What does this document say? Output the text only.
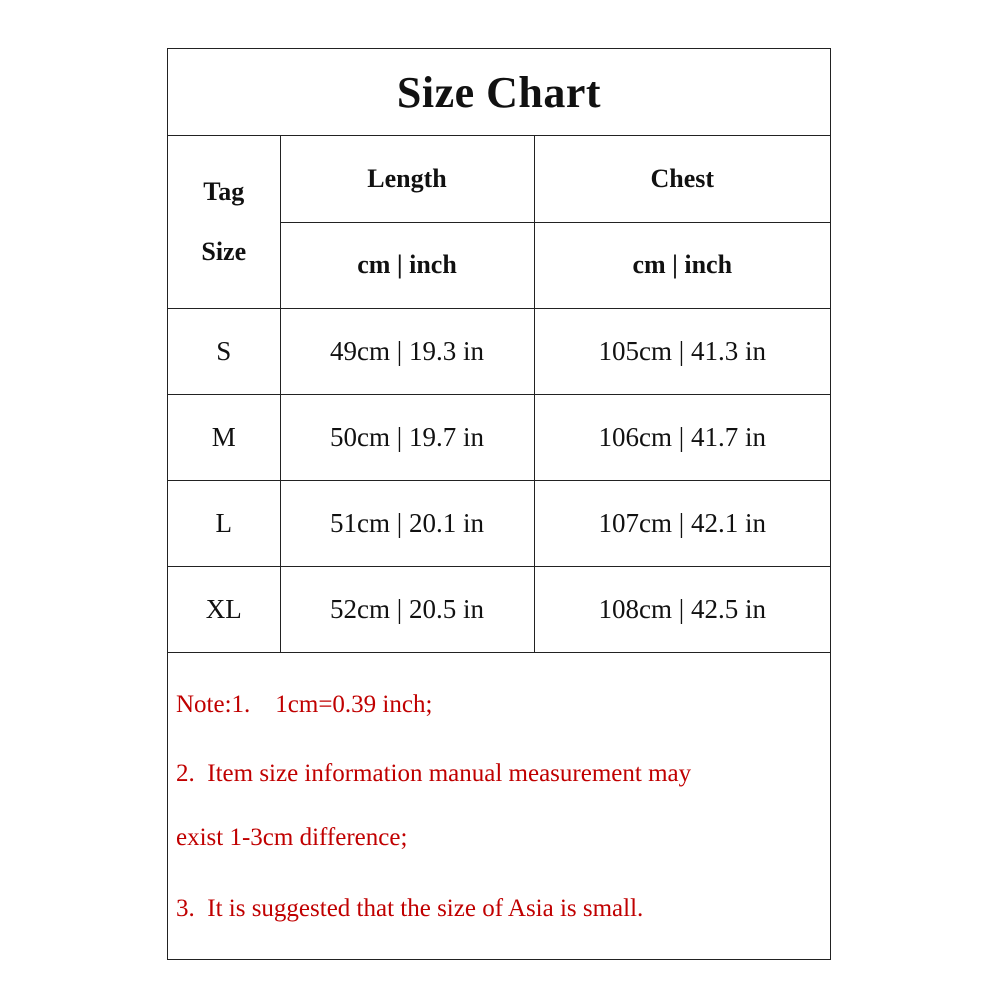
Size Chart
Tag
Size	Length	Chest
	cm | inch	cm | inch
S	49cm | 19.3 in	105cm | 41.3 in
M	50cm | 19.7 in	106cm | 41.7 in
L	51cm | 20.1 in	107cm | 42.1 in
XL	52cm | 20.5 in	108cm | 42.5 in
Note:1.    1cm=0.39 inch;
2.  Item size information manual measurement may
exist 1-3cm difference;
3.  It is suggested that the size of Asia is small.
